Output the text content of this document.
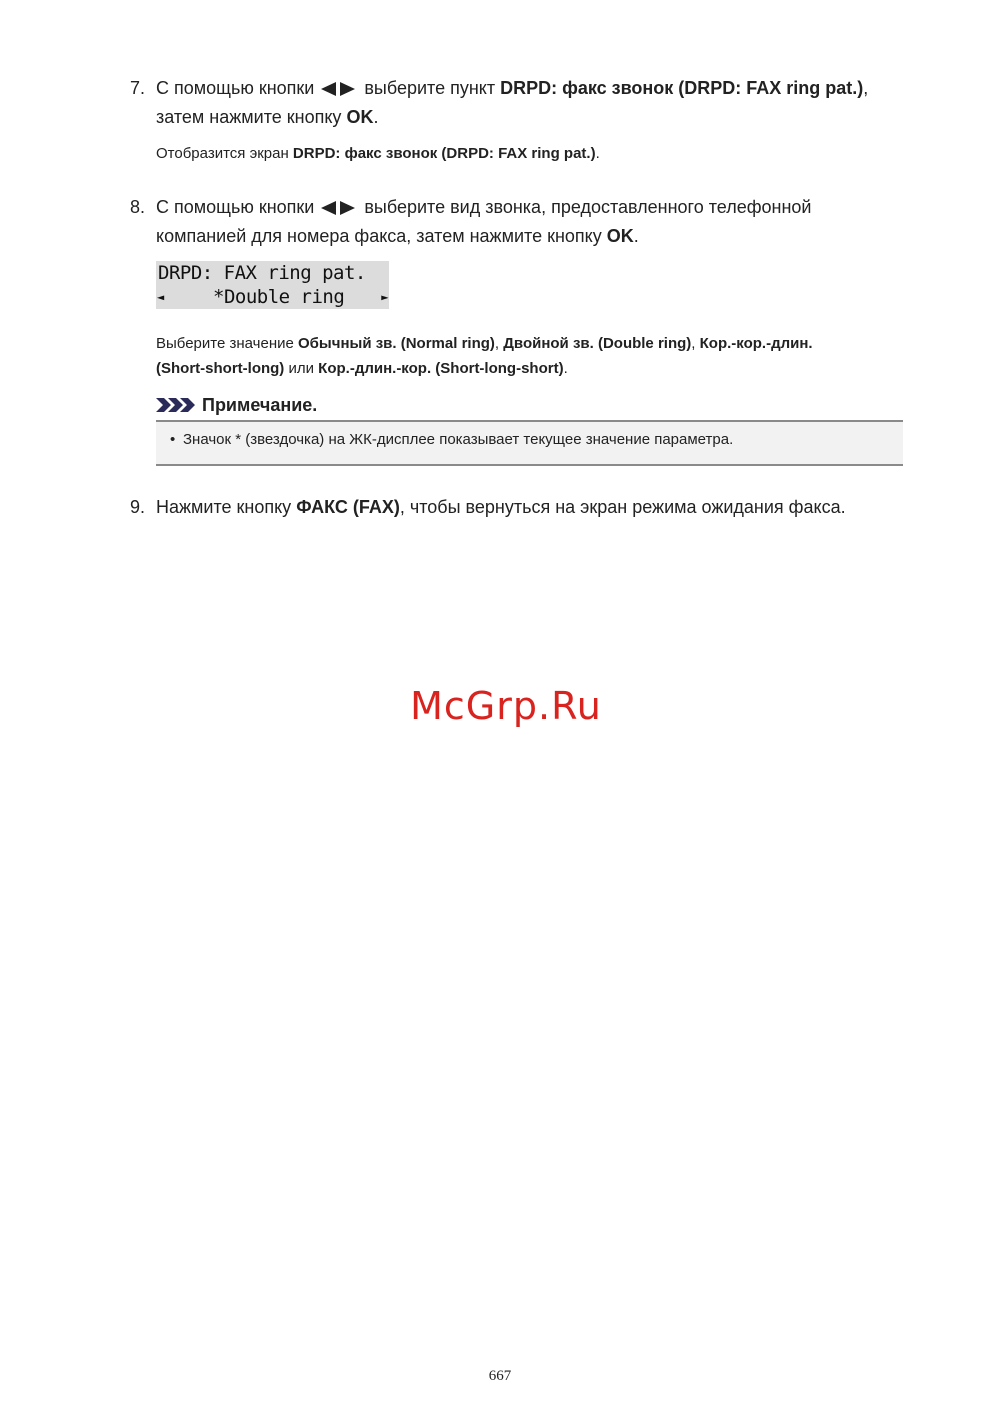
7. С помощью кнопки	выберите пункт DRPD: факс звонок (DRPD: FAX ring pat.),
затем нажмите кнопку OK.
Отобразится экран DRPD: факс звонок (DRPD: FAX ring pat.).
8. С помощью кнопки	выберите вид звонка, предоставленного телефонной
компанией для номера факса, затем нажмите кнопку OK.
DRPD: FAX ring pat.
◄	*Double ring	►
Выберите значение Обычный зв. (Normal ring), Двойной зв. (Double ring), Кор.-кор.-длин.
(Short-short-long) или Кор.-длин.-кор. (Short-long-short).
Примечание.
• Значок * (звездочка) на ЖК-дисплее показывает текущее значение параметра.
9. Нажмите кнопку ФАКС (FAX), чтобы вернуться на экран режима ожидания факса.
McGrp.Ru
667
